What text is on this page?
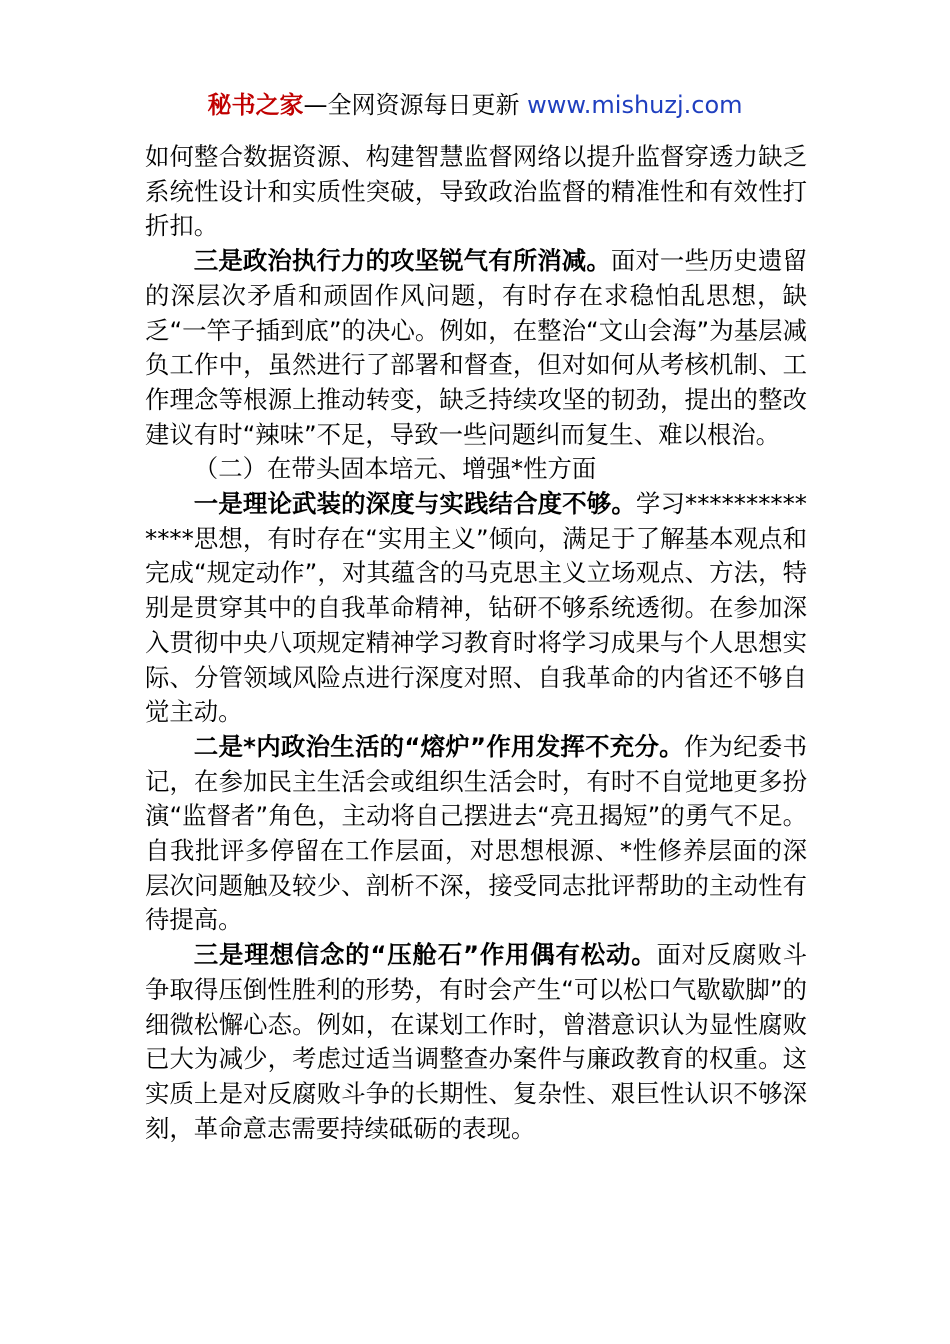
秘书之家—全网资源每日更新 www.mishuzj.com

如何整合数据资源、构建智慧监督网络以提升监督穿透力缺乏系统性设计和实质性突破，导致政治监督的精准性和有效性打折扣。

三是政治执行力的攻坚锐气有所消减。面对一些历史遗留的深层次矛盾和顽固作风问题，有时存在求稳怕乱思想，缺乏“一竿子插到底”的决心。例如，在整治“文山会海”为基层减负工作中，虽然进行了部署和督查，但对如何从考核机制、工作理念等根源上推动转变，缺乏持续攻坚的韧劲，提出的整改建议有时“辣味”不足，导致一些问题纠而复生、难以根治。

（二）在带头固本培元、增强*性方面

一是理论武装的深度与实践结合度不够。学习**************思想，有时存在“实用主义”倾向，满足于了解基本观点和完成“规定动作”，对其蕴含的马克思主义立场观点、方法，特别是贯穿其中的自我革命精神，钻研不够系统透彻。在参加深入贯彻中央八项规定精神学习教育时将学习成果与个人思想实际、分管领域风险点进行深度对照、自我革命的内省还不够自觉主动。

二是*内政治生活的“熔炉”作用发挥不充分。作为纪委书记，在参加民主生活会或组织生活会时，有时不自觉地更多扮演“监督者”角色，主动将自己摆进去“亮丑揭短”的勇气不足。自我批评多停留在工作层面，对思想根源、*性修养层面的深层次问题触及较少、剖析不深，接受同志批评帮助的主动性有待提高。

三是理想信念的“压舱石”作用偶有松动。面对反腐败斗争取得压倒性胜利的形势，有时会产生“可以松口气歇歇脚”的细微松懈心态。例如，在谋划工作时，曾潜意识认为显性腐败已大为减少，考虑过适当调整查办案件与廉政教育的权重。这实质上是对反腐败斗争的长期性、复杂性、艰巨性认识不够深刻，革命意志需要持续砥砺的表现。
